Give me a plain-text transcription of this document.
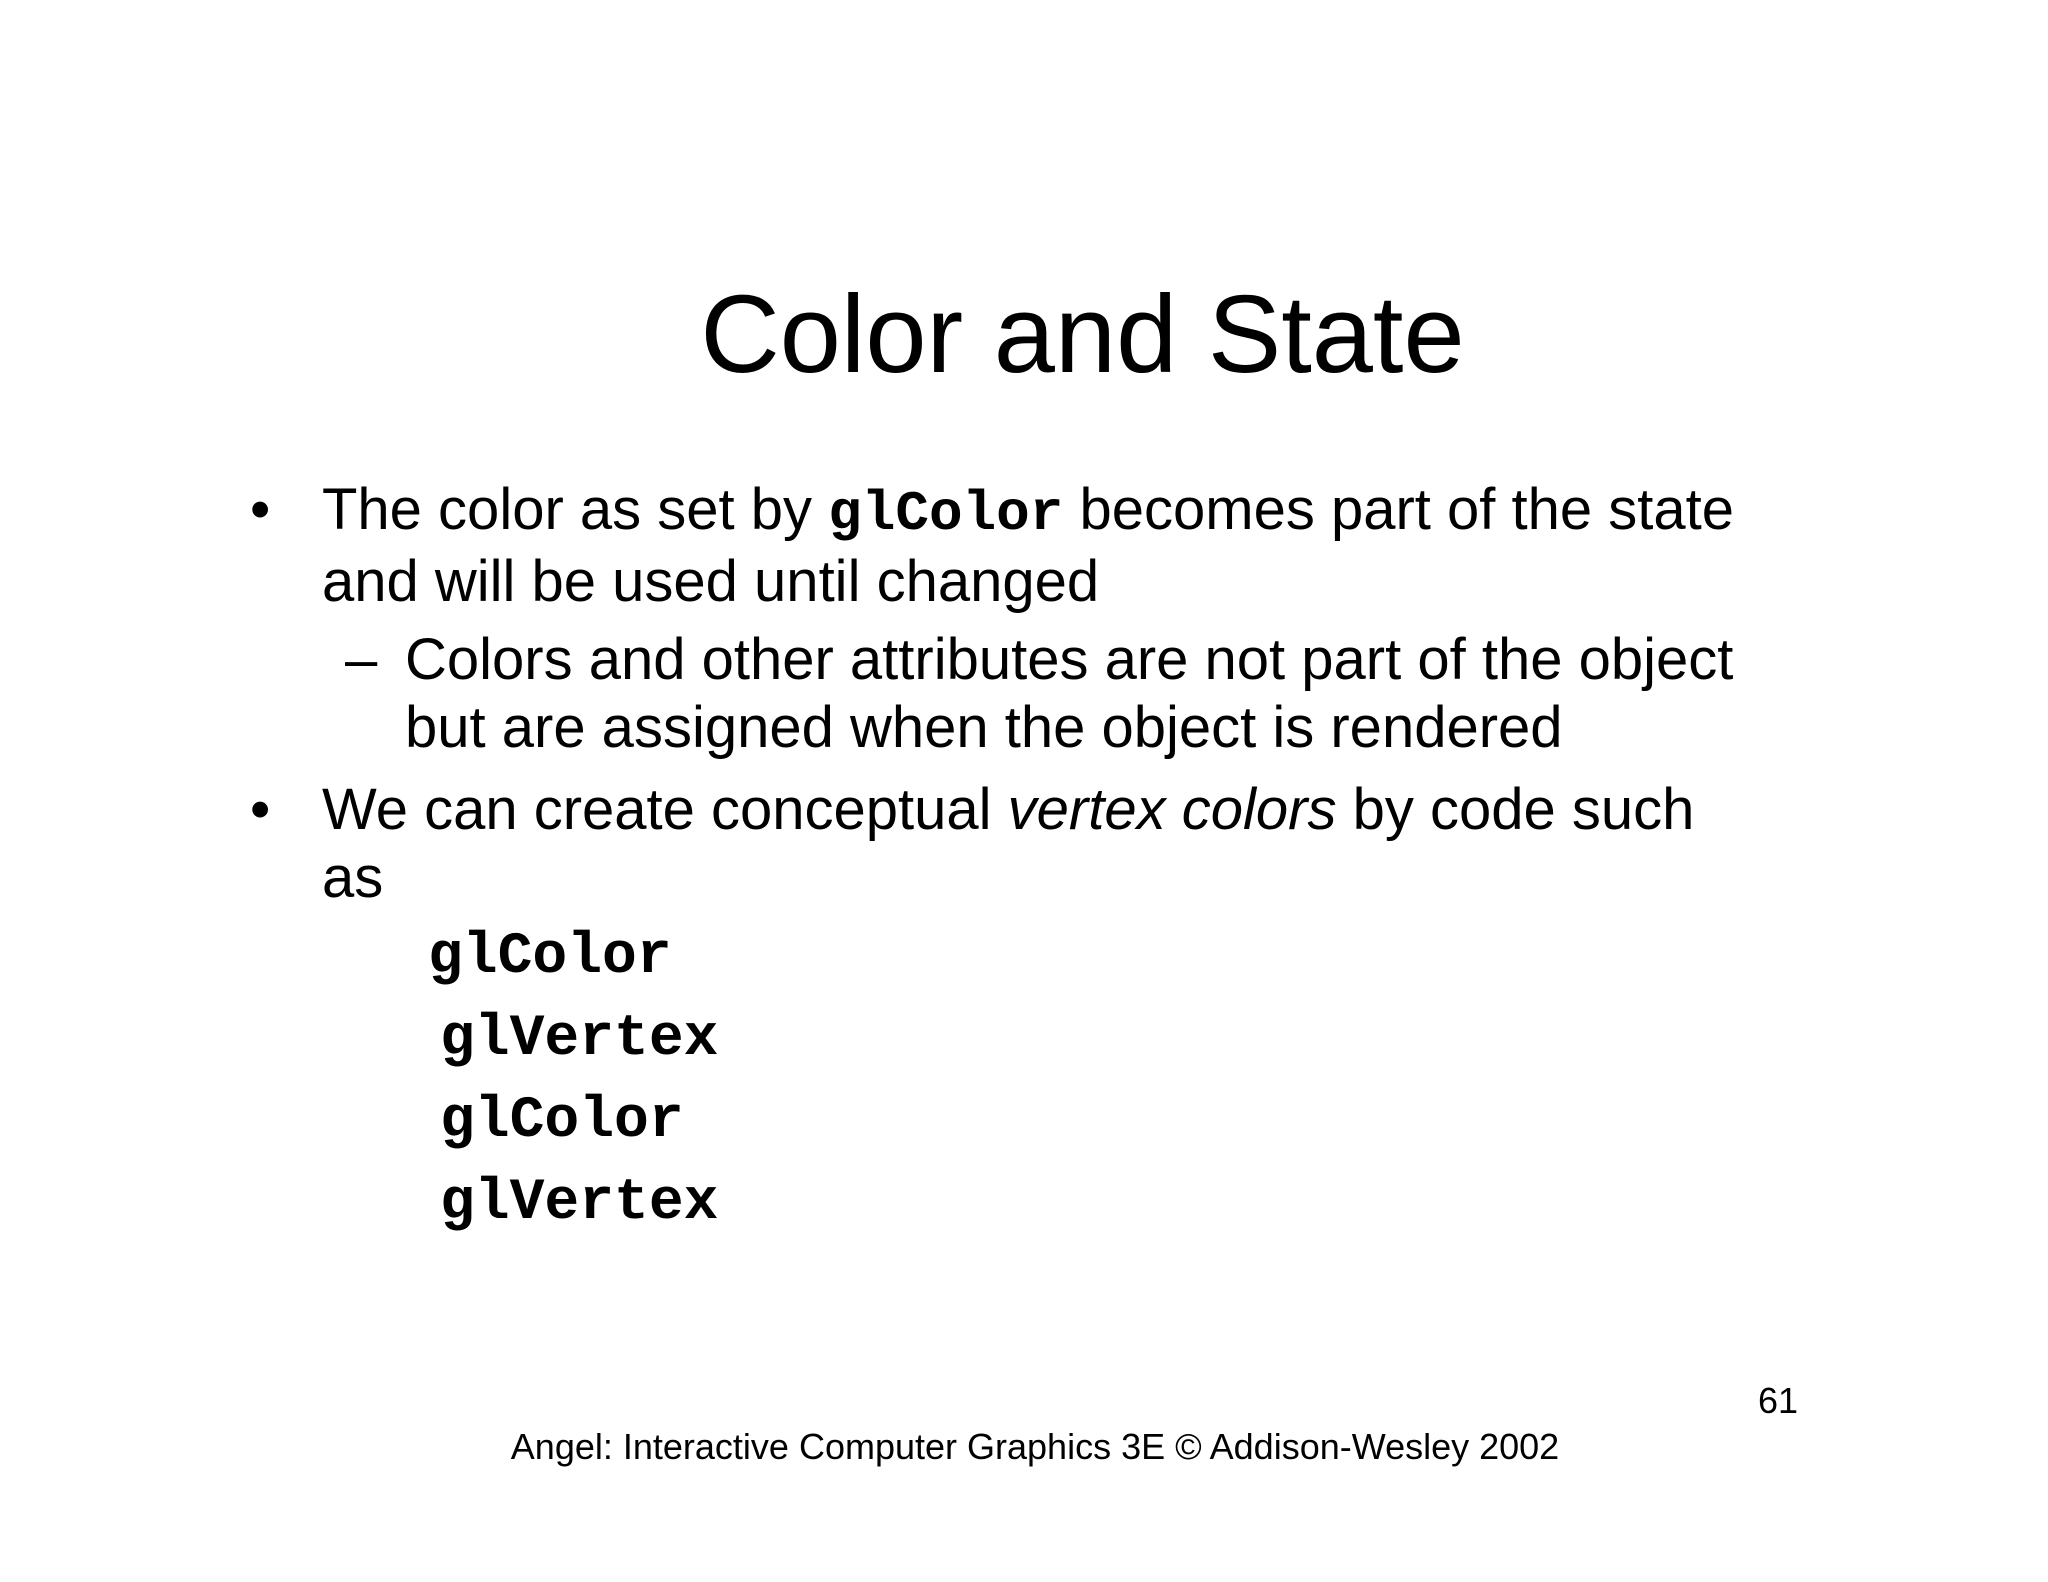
Color and State
• The color as set by glColor becomes part of the state
and will be used until changed
– Colors and other attributes are not part of the object
but are assigned when the object is rendered
• We can create conceptual vertex colors by code such
as
glColor
glVertex
glColor
glVertex
61
Angel: Interactive Computer Graphics 3E © Addison-Wesley 2002
